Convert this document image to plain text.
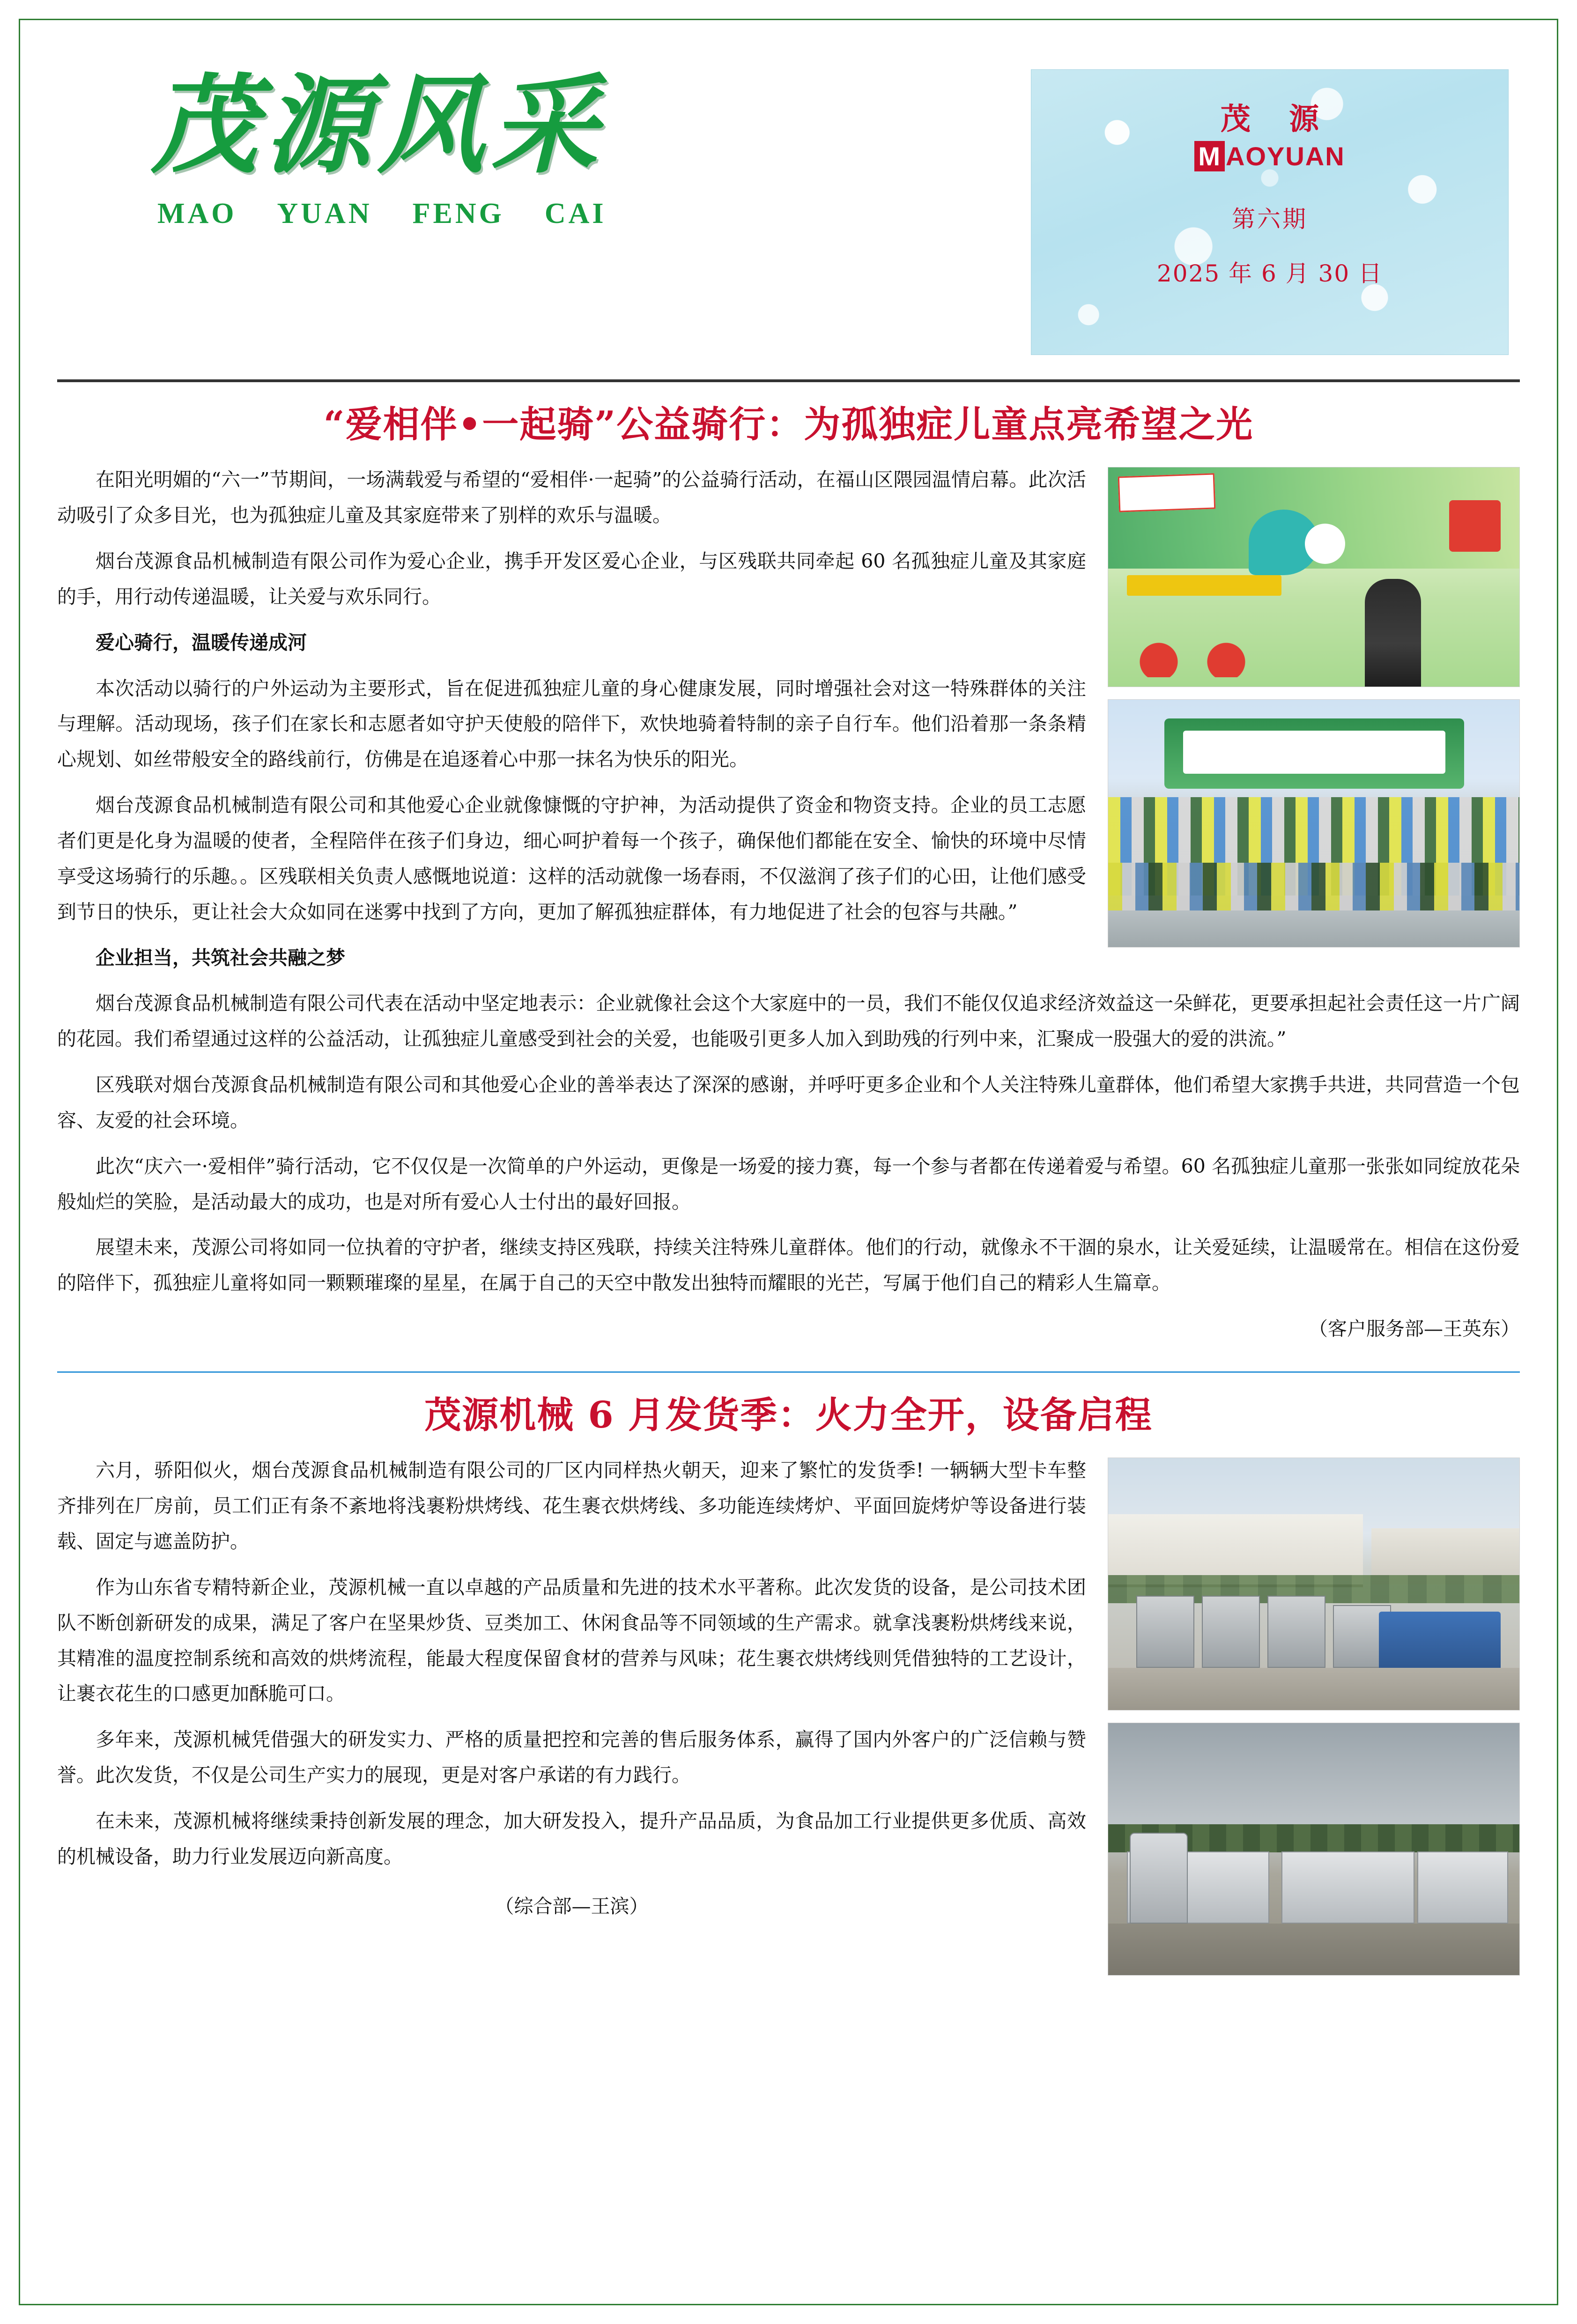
茂源风采
MAO YUAN FENG CAI
茂 源
M AOYUAN
第六期
2025 年 6 月 30 日
“爱相伴•一起骑”公益骑行：为孤独症儿童点亮希望之光

在阳光明媚的“六一”节期间，一场满载爱与希望的“爱相伴·一起骑”的公益骑行活动，在福山区隈园温情启幕。此次活动吸引了众多目光，也为孤独症儿童及其家庭带来了别样的欢乐与温暖。

烟台茂源食品机械制造有限公司作为爱心企业，携手开发区爱心企业，与区残联共同牵起 60 名孤独症儿童及其家庭的手，用行动传递温暖，让关爱与欢乐同行。

爱心骑行，温暖传递成河

本次活动以骑行的户外运动为主要形式，旨在促进孤独症儿童的身心健康发展，同时增强社会对这一特殊群体的关注与理解。活动现场，孩子们在家长和志愿者如守护天使般的陪伴下，欢快地骑着特制的亲子自行车。他们沿着那一条条精心规划、如丝带般安全的路线前行，仿佛是在追逐着心中那一抹名为快乐的阳光。

烟台茂源食品机械制造有限公司和其他爱心企业就像慷慨的守护神，为活动提供了资金和物资支持。企业的员工志愿者们更是化身为温暖的使者，全程陪伴在孩子们身边，细心呵护着每一个孩子，确保他们都能在安全、愉快的环境中尽情享受这场骑行的乐趣。。区残联相关负责人感慨地说道：这样的活动就像一场春雨，不仅滋润了孩子们的心田，让他们感受到节日的快乐，更让社会大众如同在迷雾中找到了方向，更加了解孤独症群体，有力地促进了社会的包容与共融。”

企业担当，共筑社会共融之梦

烟台茂源食品机械制造有限公司代表在活动中坚定地表示：企业就像社会这个大家庭中的一员，我们不能仅仅追求经济效益这一朵鲜花，更要承担起社会责任这一片广阔的花园。我们希望通过这样的公益活动，让孤独症儿童感受到社会的关爱，也能吸引更多人加入到助残的行列中来，汇聚成一股强大的爱的洪流。”

区残联对烟台茂源食品机械制造有限公司和其他爱心企业的善举表达了深深的感谢，并呼吁更多企业和个人关注特殊儿童群体，他们希望大家携手共进，共同营造一个包容、友爱的社会环境。

此次“庆六一·爱相伴”骑行活动，它不仅仅是一次简单的户外运动，更像是一场爱的接力赛，每一个参与者都在传递着爱与希望。60 名孤独症儿童那一张张如同绽放花朵般灿烂的笑脸，是活动最大的成功，也是对所有爱心人士付出的最好回报。

展望未来，茂源公司将如同一位执着的守护者，继续支持区残联，持续关注特殊儿童群体。他们的行动，就像永不干涸的泉水，让关爱延续，让温暖常在。相信在这份爱的陪伴下，孤独症儿童将如同一颗颗璀璨的星星，在属于自己的天空中散发出独特而耀眼的光芒，写属于他们自己的精彩人生篇章。

（客户服务部—王英东）

茂源机械 6 月发货季：火力全开，设备启程

六月，骄阳似火，烟台茂源食品机械制造有限公司的厂区内同样热火朝天，迎来了繁忙的发货季! 一辆辆大型卡车整齐排列在厂房前，员工们正有条不紊地将浅裹粉烘烤线、花生裹衣烘烤线、多功能连续烤炉、平面回旋烤炉等设备进行装载、固定与遮盖防护。

作为山东省专精特新企业，茂源机械一直以卓越的产品质量和先进的技术水平著称。此次发货的设备，是公司技术团队不断创新研发的成果，满足了客户在坚果炒货、豆类加工、休闲食品等不同领域的生产需求。就拿浅裹粉烘烤线来说，其精准的温度控制系统和高效的烘烤流程，能最大程度保留食材的营养与风味；花生裹衣烘烤线则凭借独特的工艺设计，让裹衣花生的口感更加酥脆可口。

多年来，茂源机械凭借强大的研发实力、严格的质量把控和完善的售后服务体系，赢得了国内外客户的广泛信赖与赞誉。此次发货，不仅是公司生产实力的展现，更是对客户承诺的有力践行。

在未来，茂源机械将继续秉持创新发展的理念，加大研发投入，提升产品品质，为食品加工行业提供更多优质、高效的机械设备，助力行业发展迈向新高度。

（综合部—王滨）
